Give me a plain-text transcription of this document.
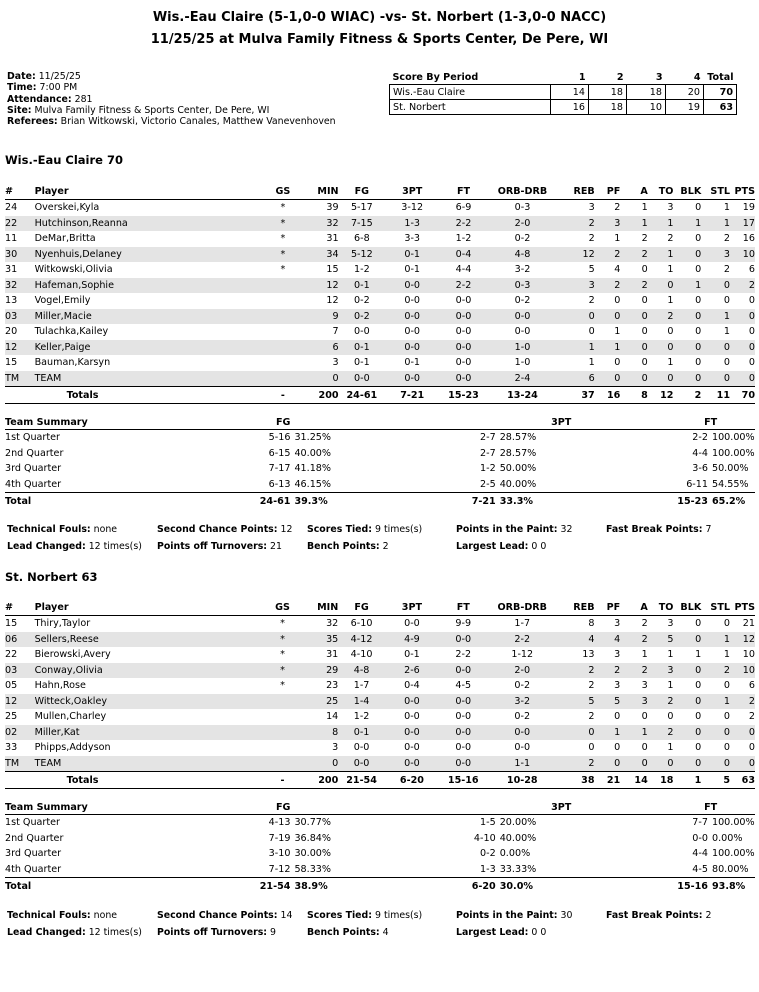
Wis.-Eau Claire (5-1,0-0 WIAC) -vs- St. Norbert (1-3,0-0 NACC)
11/25/25 at Mulva Family Fitness & Sports Center, De Pere, WI
Date: 11/25/25
Time: 7:00 PM
Attendance: 281
Site: Mulva Family Fitness & Sports Center, De Pere, WI
Referees: Brian Witkowski, Victorio Canales, Matthew Vanevenhoven
Score By Period	1	2	3	4	Total
Wis.-Eau Claire	14	18	18	20	70
St. Norbert	16	18	10	19	63
Wis.-Eau Claire 70
#	Player	GS	MIN	FG	3PT	FT	ORB-DRB	REB	PF	A	TO	BLK	STL	PTS
24	Overskei,Kyla	*	39	5-17	3-12	6-9	0-3	3	2	1	3	0	1	19
22	Hutchinson,Reanna	*	32	7-15	1-3	2-2	2-0	2	3	1	1	1	1	17
11	DeMar,Britta	*	31	6-8	3-3	1-2	0-2	2	1	2	2	0	2	16
30	Nyenhuis,Delaney	*	34	5-12	0-1	0-4	4-8	12	2	2	1	0	3	10
31	Witkowski,Olivia	*	15	1-2	0-1	4-4	3-2	5	4	0	1	0	2	6
32	Hafeman,Sophie		12	0-1	0-0	2-2	0-3	3	2	2	0	1	0	2
13	Vogel,Emily		12	0-2	0-0	0-0	0-2	2	0	0	1	0	0	0
03	Miller,Macie		9	0-2	0-0	0-0	0-0	0	0	0	2	0	1	0
20	Tulachka,Kailey		7	0-0	0-0	0-0	0-0	0	1	0	0	0	1	0
12	Keller,Paige		6	0-1	0-0	0-0	1-0	1	1	0	0	0	0	0
15	Bauman,Karsyn		3	0-1	0-1	0-0	1-0	1	0	0	1	0	0	0
TM	TEAM		0	0-0	0-0	0-0	2-4	6	0	0	0	0	0	0
	Totals	-	200	24-61	7-21	15-23	13-24	37	16	8	12	2	11	70
Team Summary	FG		3PT		FT	
1st Quarter	5-16	31.25%	2-7	28.57%	2-2	100.00%
2nd Quarter	6-15	40.00%	2-7	28.57%	4-4	100.00%
3rd Quarter	7-17	41.18%	1-2	50.00%	3-6	50.00%
4th Quarter	6-13	46.15%	2-5	40.00%	6-11	54.55%
Total	24-61	39.3%	7-21	33.3%	15-23	65.2%
Technical Fouls: none	Second Chance Points: 12 Scores Tied: 9 times(s)	Points in the Paint: 32	Fast Break Points: 7
Lead Changed: 12 times(s) Points off Turnovers: 21	Bench Points: 2	Largest Lead: 0 0
St. Norbert 63
#	Player	GS	MIN	FG	3PT	FT	ORB-DRB	REB	PF	A	TO	BLK	STL	PTS
15	Thiry,Taylor	*	32	6-10	0-0	9-9	1-7	8	3	2	3	0	0	21
06	Sellers,Reese	*	35	4-12	4-9	0-0	2-2	4	4	2	5	0	1	12
22	Bierowski,Avery	*	31	4-10	0-1	2-2	1-12	13	3	1	1	1	1	10
03	Conway,Olivia	*	29	4-8	2-6	0-0	2-0	2	2	2	3	0	2	10
05	Hahn,Rose	*	23	1-7	0-4	4-5	0-2	2	3	3	1	0	0	6
12	Witteck,Oakley		25	1-4	0-0	0-0	3-2	5	5	3	2	0	1	2
25	Mullen,Charley		14	1-2	0-0	0-0	0-2	2	0	0	0	0	0	2
02	Miller,Kat		8	0-1	0-0	0-0	0-0	0	1	1	2	0	0	0
33	Phipps,Addyson		3	0-0	0-0	0-0	0-0	0	0	0	1	0	0	0
TM	TEAM		0	0-0	0-0	0-0	1-1	2	0	0	0	0	0	0
	Totals	-	200	21-54	6-20	15-16	10-28	38	21	14	18	1	5	63
Team Summary	FG		3PT		FT	
1st Quarter	4-13	30.77%	1-5	20.00%	7-7	100.00%
2nd Quarter	7-19	36.84%	4-10	40.00%	0-0	0.00%
3rd Quarter	3-10	30.00%	0-2	0.00%	4-4	100.00%
4th Quarter	7-12	58.33%	1-3	33.33%	4-5	80.00%
Total	21-54	38.9%	6-20	30.0%	15-16	93.8%
Technical Fouls: none	Second Chance Points: 14 Scores Tied: 9 times(s)	Points in the Paint: 30	Fast Break Points: 2
Lead Changed: 12 times(s) Points off Turnovers: 9	Bench Points: 4	Largest Lead: 0 0
